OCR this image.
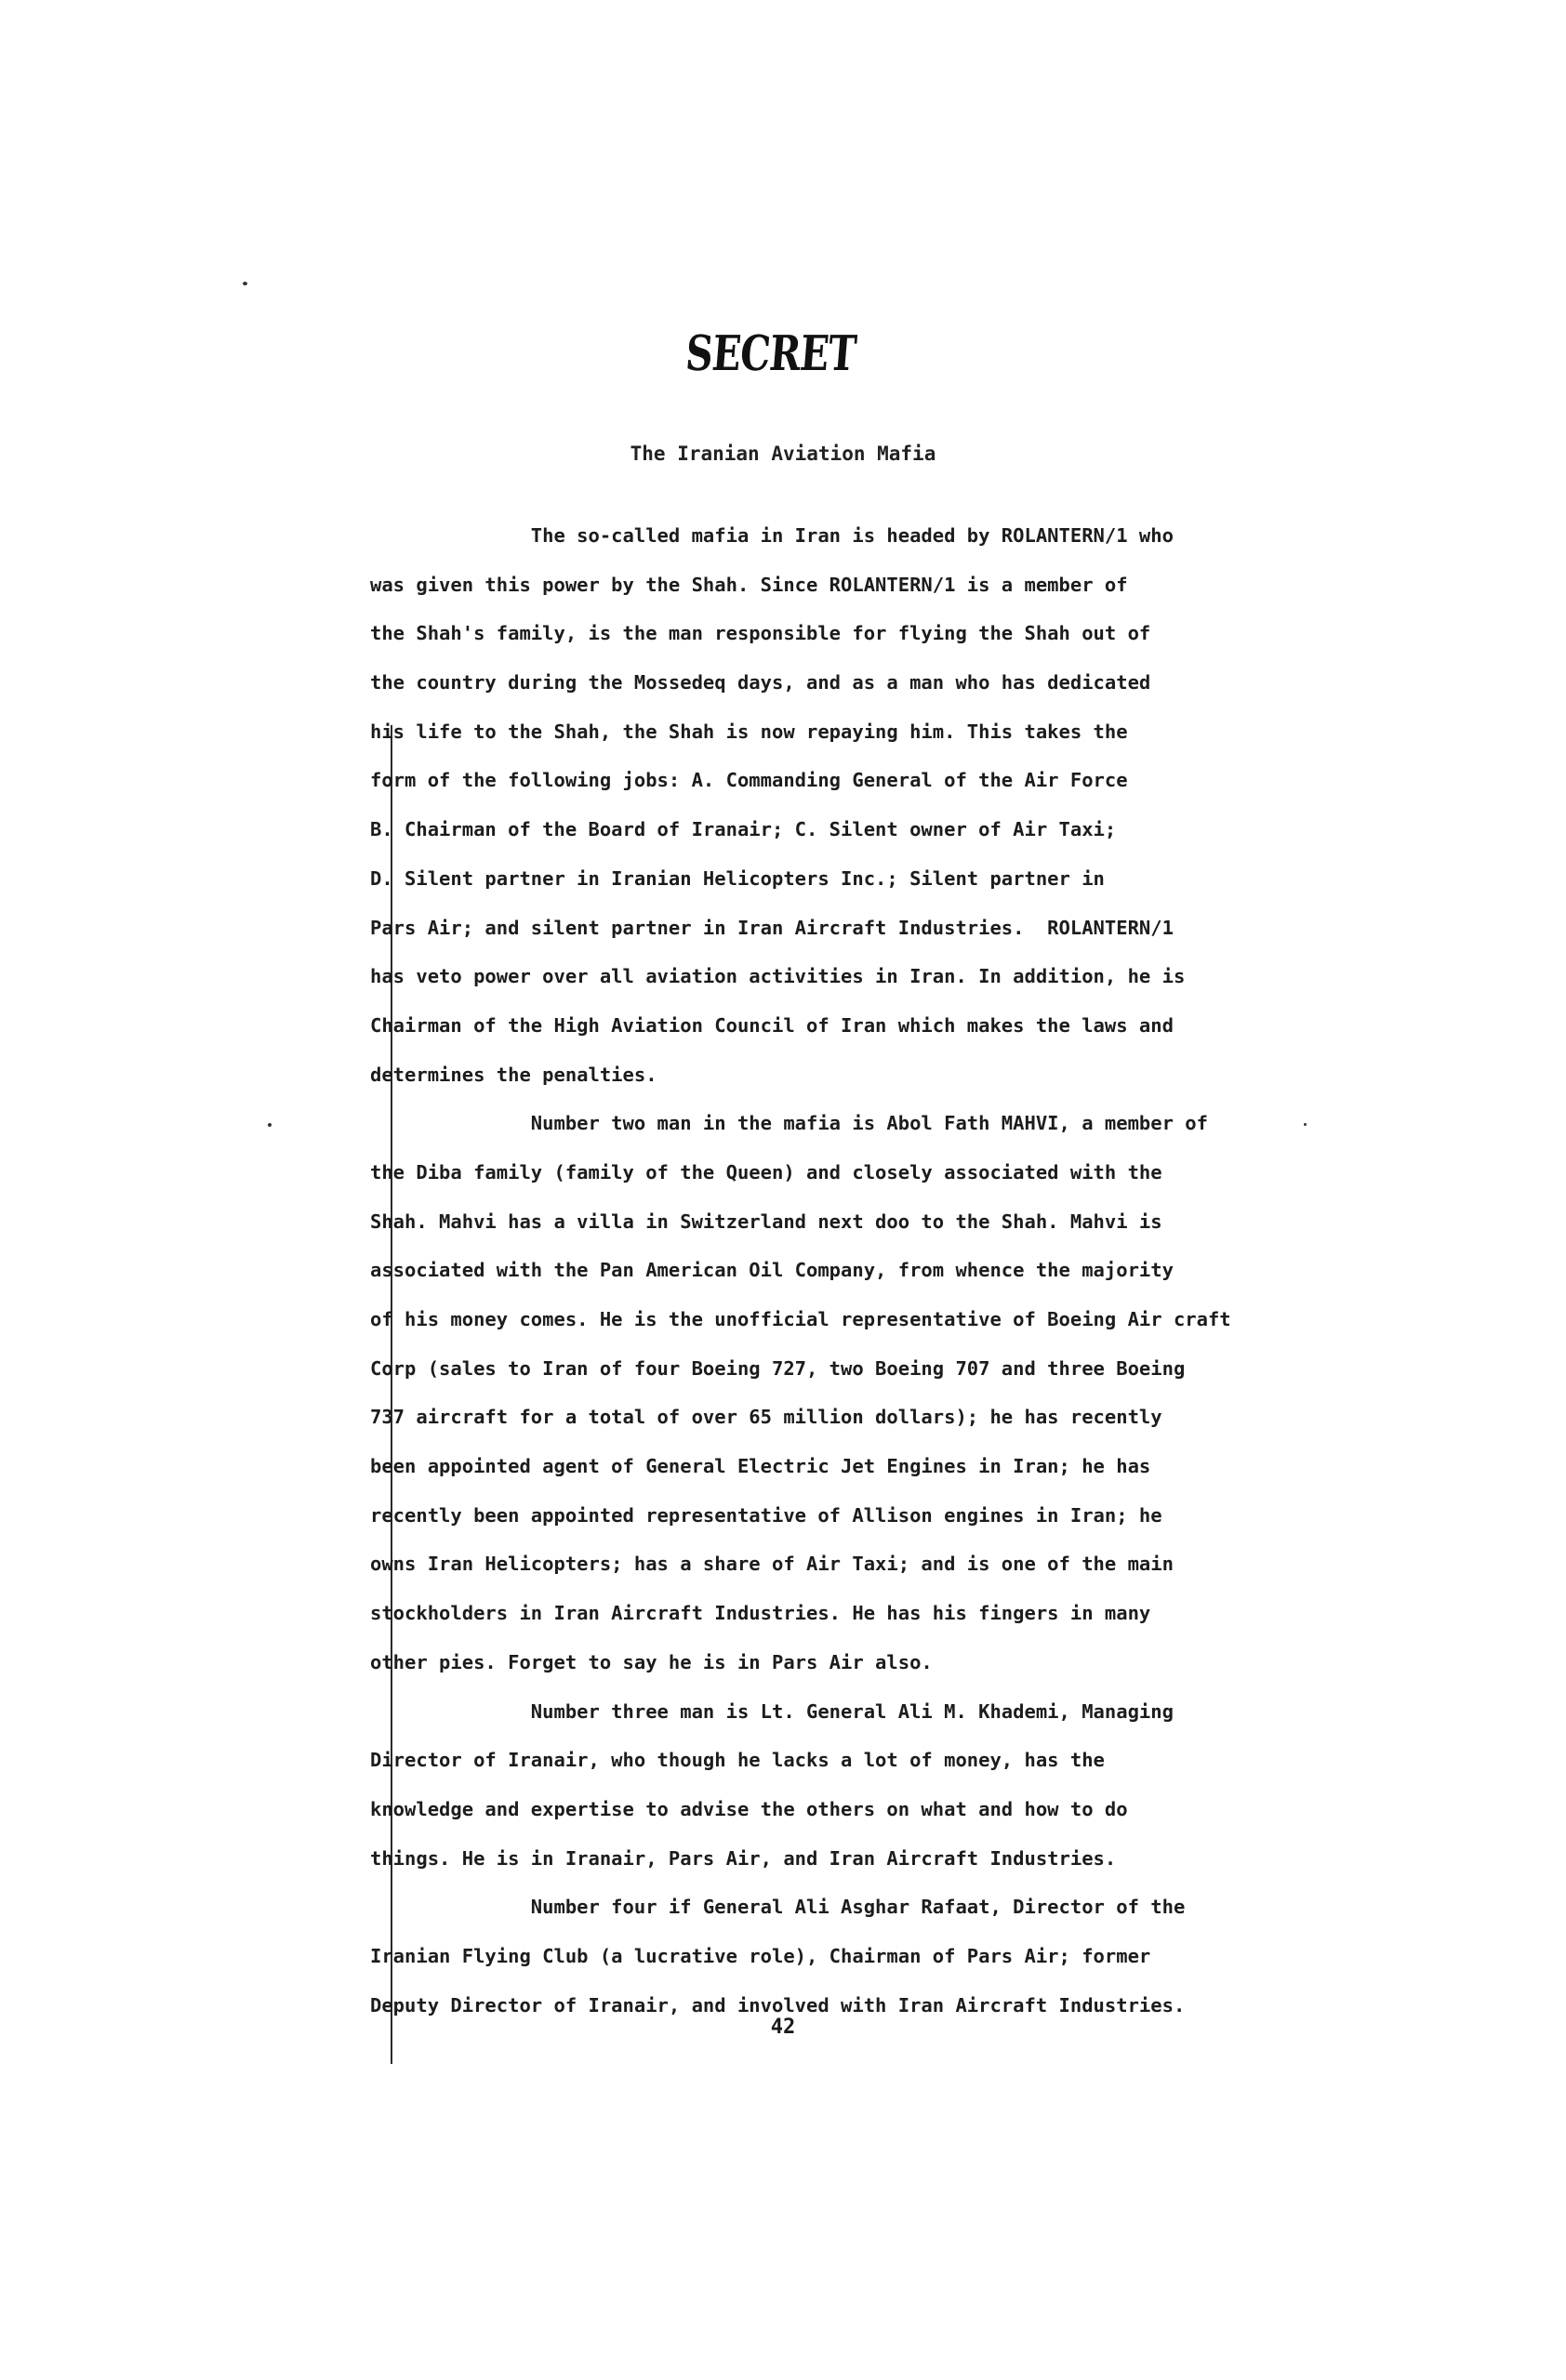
SECRET
The Iranian Aviation Mafia
The so-called mafia in Iran is headed by ROLANTERN/1 who
was given this power by the Shah. Since ROLANTERN/1 is a member of
the Shah's family, is the man responsible for flying the Shah out of
the country during the Mossedeq days, and as a man who has dedicated
his life to the Shah, the Shah is now repaying him. This takes the
form of the following jobs: A. Commanding General of the Air Force
B. Chairman of the Board of Iranair; C. Silent owner of Air Taxi;
D. Silent partner in Iranian Helicopters Inc.; Silent partner in
Pars Air; and silent partner in Iran Aircraft Industries.  ROLANTERN/1
has veto power over all aviation activities in Iran. In addition, he is
Chairman of the High Aviation Council of Iran which makes the laws and
determines the penalties.
Number two man in the mafia is Abol Fath MAHVI, a member of
the Diba family (family of the Queen) and closely associated with the
Shah. Mahvi has a villa in Switzerland next doo to the Shah. Mahvi is
associated with the Pan American Oil Company, from whence the majority
of his money comes. He is the unofficial representative of Boeing Air craft
Corp (sales to Iran of four Boeing 727, two Boeing 707 and three Boeing
737 aircraft for a total of over 65 million dollars); he has recently
been appointed agent of General Electric Jet Engines in Iran; he has
recently been appointed representative of Allison engines in Iran; he
owns Iran Helicopters; has a share of Air Taxi; and is one of the main
stockholders in Iran Aircraft Industries. He has his fingers in many
other pies. Forget to say he is in Pars Air also.
Number three man is Lt. General Ali M. Khademi, Managing
Director of Iranair, who though he lacks a lot of money, has the
knowledge and expertise to advise the others on what and how to do
things. He is in Iranair, Pars Air, and Iran Aircraft Industries.
Number four if General Ali Asghar Rafaat, Director of the
Iranian Flying Club (a lucrative role), Chairman of Pars Air; former
Deputy Director of Iranair, and involved with Iran Aircraft Industries.
42
